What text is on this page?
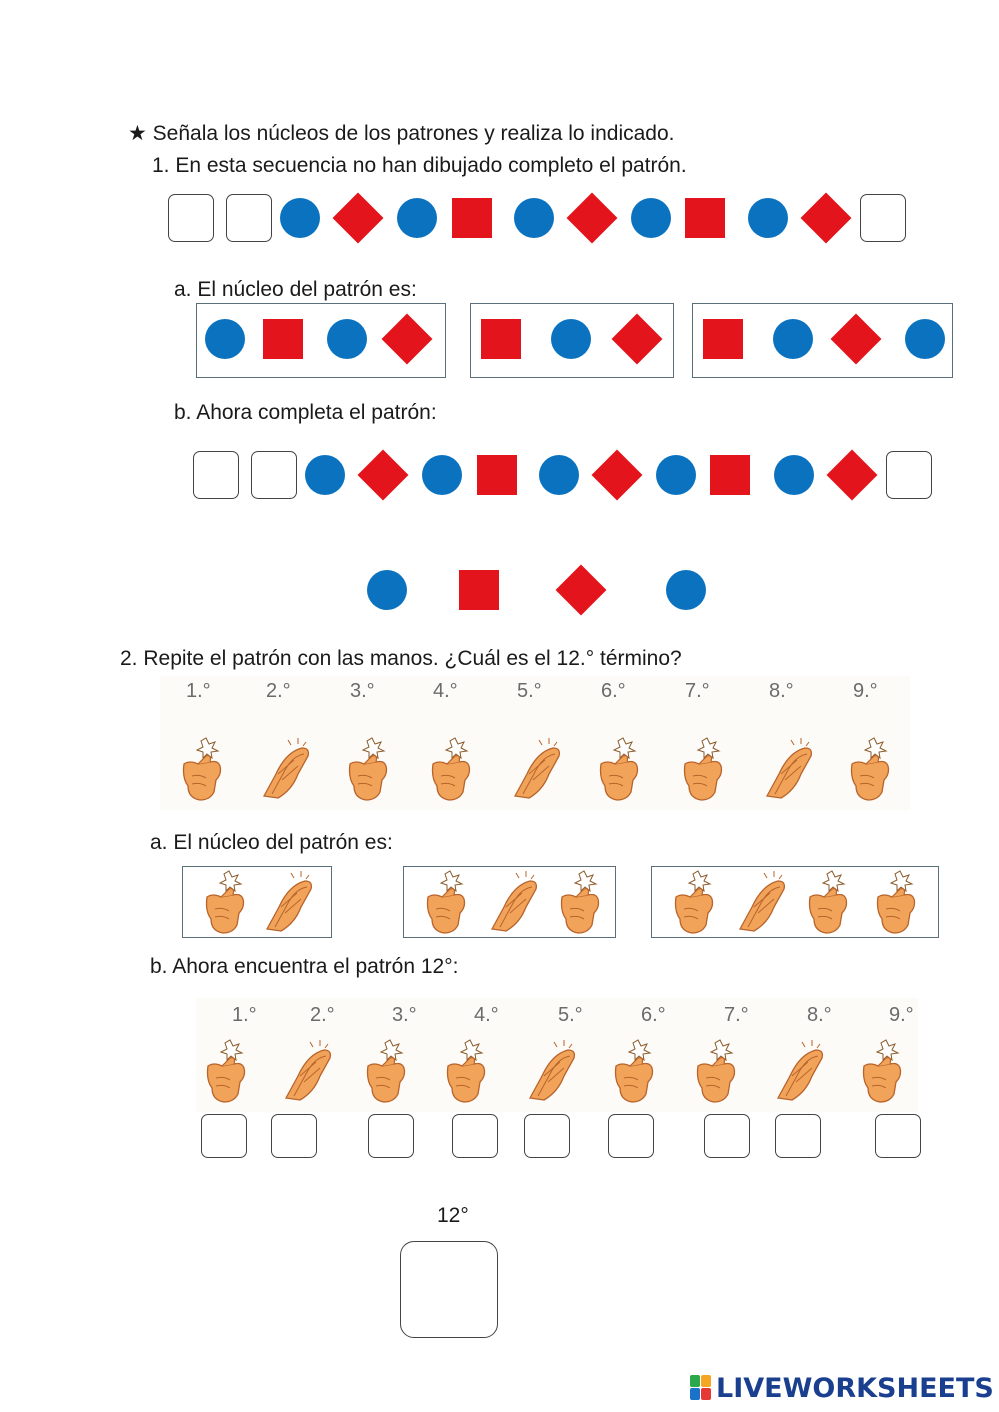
★ Señala los núcleos de los patrones y realiza lo indicado.
1. En esta secuencia no han dibujado completo el patrón.
a. El núcleo del patrón es:
b. Ahora completa el patrón:
2. Repite el patrón con las manos. ¿Cuál es el 12.° término?
1.°	2.°	3.°	4.°	5.°	6.°	7.°	8.°	9.°
a. El núcleo del patrón es:
b. Ahora encuentra el patrón 12°:
1.°	2.°	3.°	4.°	5.°	6.°	7.°	8.°	9.°
12°
LIVEWORKSHEETS
